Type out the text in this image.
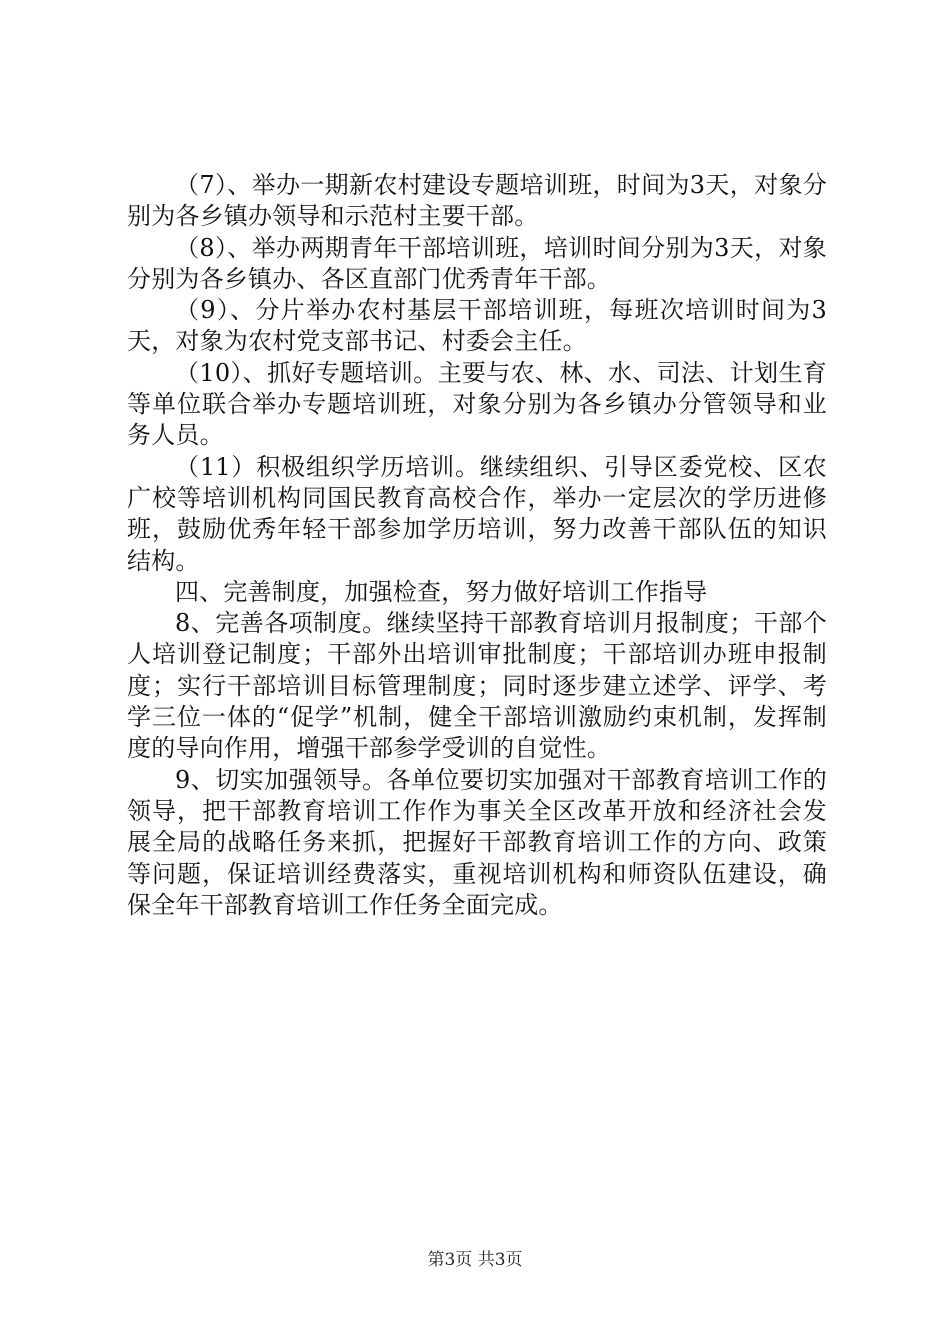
（7）、举办一期新农村建设专题培训班，时间为3天，对象分别为各乡镇办领导和示范村主要干部。

（8）、举办两期青年干部培训班，培训时间分别为3天，对象分别为各乡镇办、各区直部门优秀青年干部。

（9）、分片举办农村基层干部培训班，每班次培训时间为3天，对象为农村党支部书记、村委会主任。

（10）、抓好专题培训。主要与农、林、水、司法、计划生育等单位联合举办专题培训班，对象分别为各乡镇办分管领导和业务人员。

（11）积极组织学历培训。继续组织、引导区委党校、区农广校等培训机构同国民教育高校合作，举办一定层次的学历进修班，鼓励优秀年轻干部参加学历培训，努力改善干部队伍的知识结构。

四、完善制度，加强检查，努力做好培训工作指导

8、完善各项制度。继续坚持干部教育培训月报制度；干部个人培训登记制度；干部外出培训审批制度；干部培训办班申报制度；实行干部培训目标管理制度；同时逐步建立述学、评学、考学三位一体的“促学”机制，健全干部培训激励约束机制，发挥制度的导向作用，增强干部参学受训的自觉性。

9、切实加强领导。各单位要切实加强对干部教育培训工作的领导，把干部教育培训工作作为事关全区改革开放和经济社会发展全局的战略任务来抓，把握好干部教育培训工作的方向、政策等问题，保证培训经费落实，重视培训机构和师资队伍建设，确保全年干部教育培训工作任务全面完成。

第3页 共3页
